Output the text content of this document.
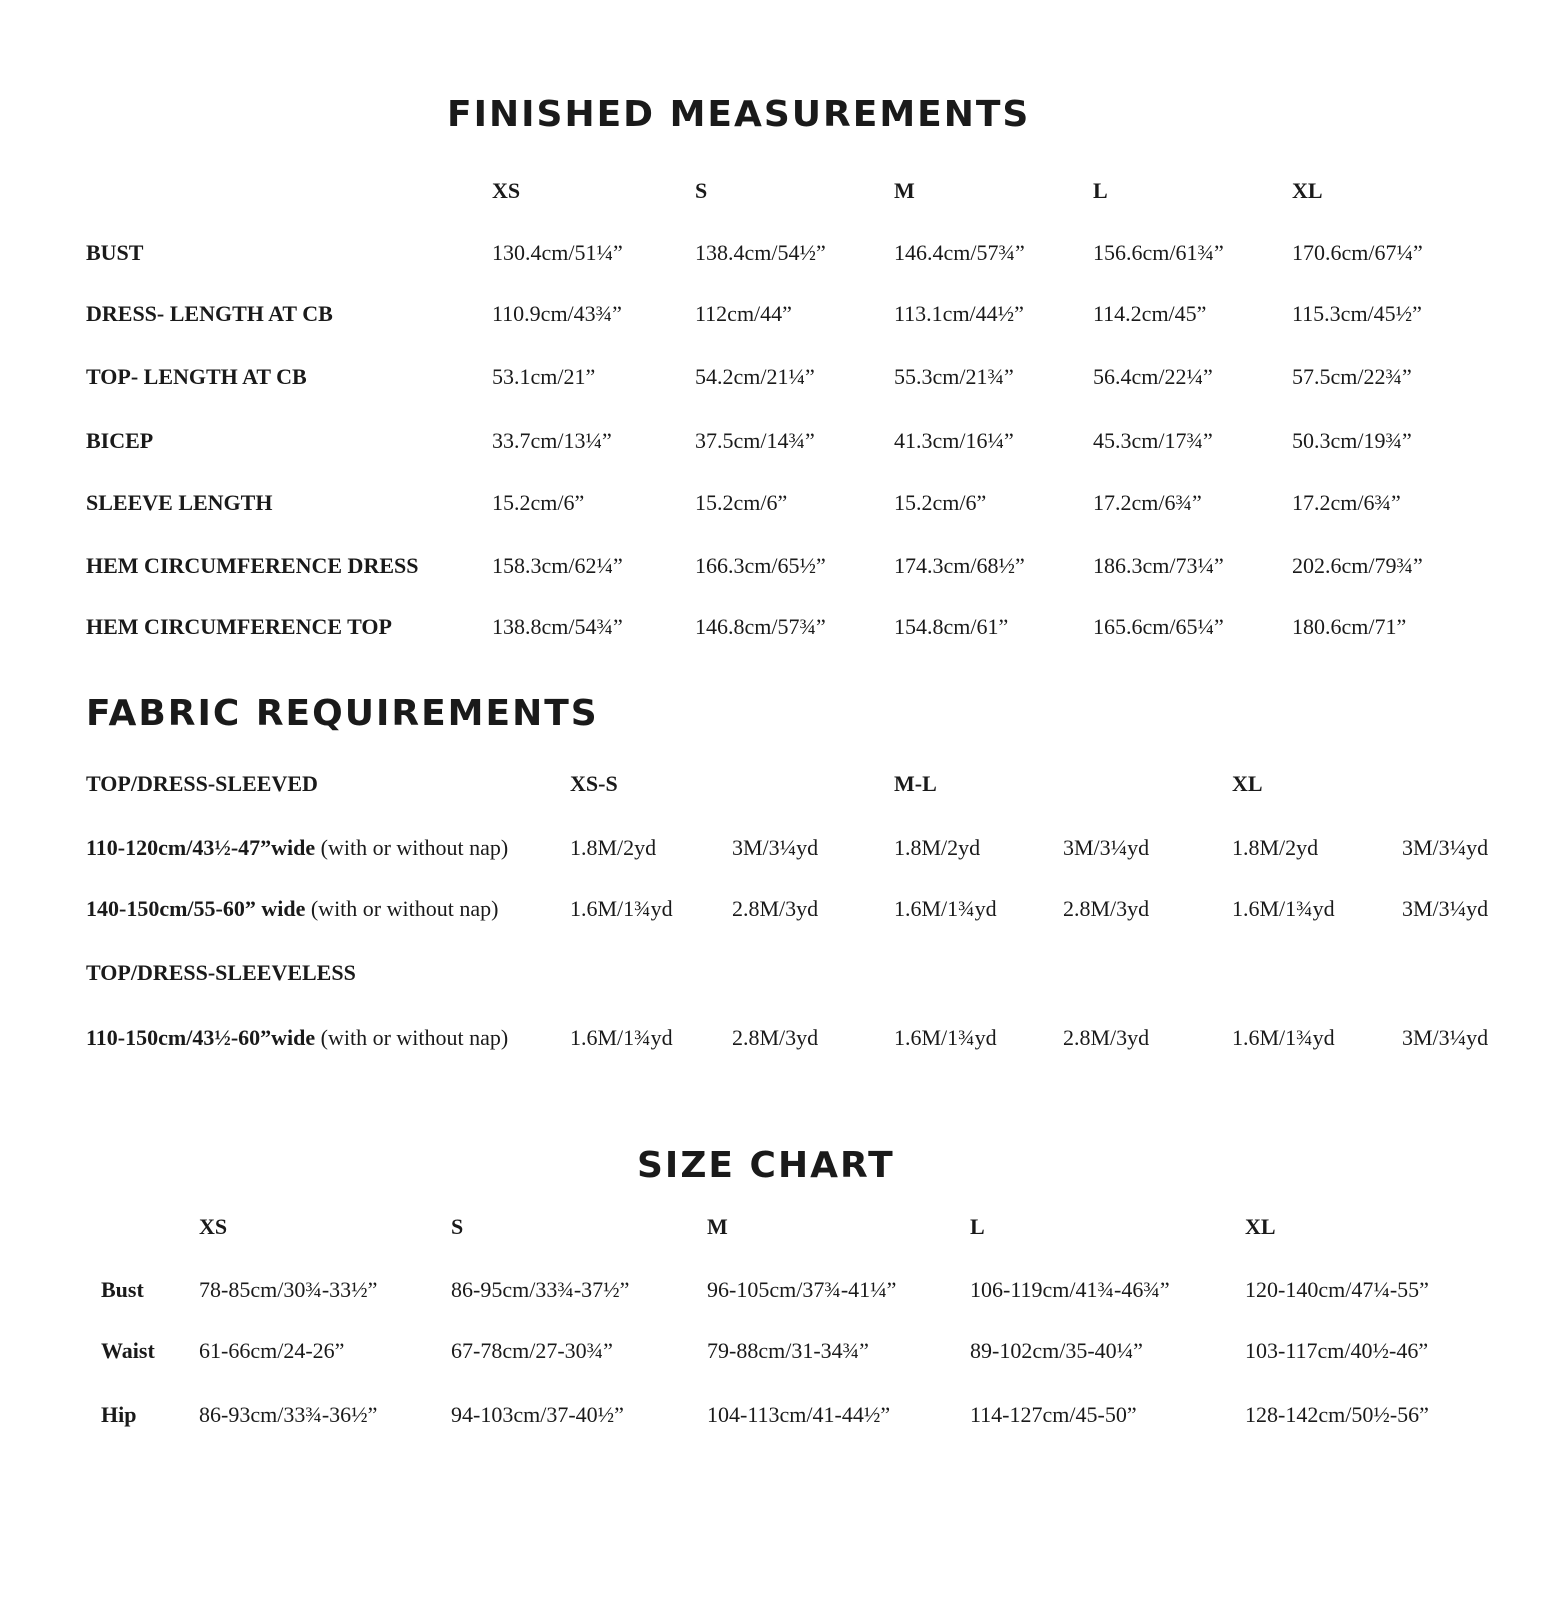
FINISHED MEASUREMENTS
XS	S	M	L	XL
BUST	130.4cm/51¼”	138.4cm/54½”	146.4cm/57¾”	156.6cm/61¾”	170.6cm/67¼”
DRESS- LENGTH AT CB	110.9cm/43¾”	112cm/44”	113.1cm/44½”	114.2cm/45”	115.3cm/45½”
TOP- LENGTH AT CB	53.1cm/21”	54.2cm/21¼”	55.3cm/21¾”	56.4cm/22¼”	57.5cm/22¾”
BICEP	33.7cm/13¼”	37.5cm/14¾”	41.3cm/16¼”	45.3cm/17¾”	50.3cm/19¾”
SLEEVE LENGTH	15.2cm/6”	15.2cm/6”	15.2cm/6”	17.2cm/6¾”	17.2cm/6¾”
HEM CIRCUMFERENCE DRESS	158.3cm/62¼”	166.3cm/65½”	174.3cm/68½”	186.3cm/73¼”	202.6cm/79¾”
HEM CIRCUMFERENCE TOP	138.8cm/54¾”	146.8cm/57¾”	154.8cm/61”	165.6cm/65¼”	180.6cm/71”
FABRIC REQUIREMENTS
TOP/DRESS-SLEEVED	XS-S	M-L	XL
110-120cm/43½-47”wide (with or without nap)	1.8M/2yd	3M/3¼yd	1.8M/2yd	3M/3¼yd	1.8M/2yd	3M/3¼yd
140-150cm/55-60” wide (with or without nap)	1.6M/1¾yd	2.8M/3yd	1.6M/1¾yd	2.8M/3yd	1.6M/1¾yd	3M/3¼yd
TOP/DRESS-SLEEVELESS
110-150cm/43½-60”wide (with or without nap)	1.6M/1¾yd	2.8M/3yd	1.6M/1¾yd	2.8M/3yd	1.6M/1¾yd	3M/3¼yd
SIZE CHART
XS	S	M	L	XL
Bust	78-85cm/30¾-33½”	86-95cm/33¾-37½”	96-105cm/37¾-41¼”	106-119cm/41¾-46¾”	120-140cm/47¼-55”
Waist 61-66cm/24-26”	67-78cm/27-30¾”	79-88cm/31-34¾”	89-102cm/35-40¼”	103-117cm/40½-46”
Hip	86-93cm/33¾-36½”	94-103cm/37-40½”	104-113cm/41-44½”	114-127cm/45-50”	128-142cm/50½-56”
